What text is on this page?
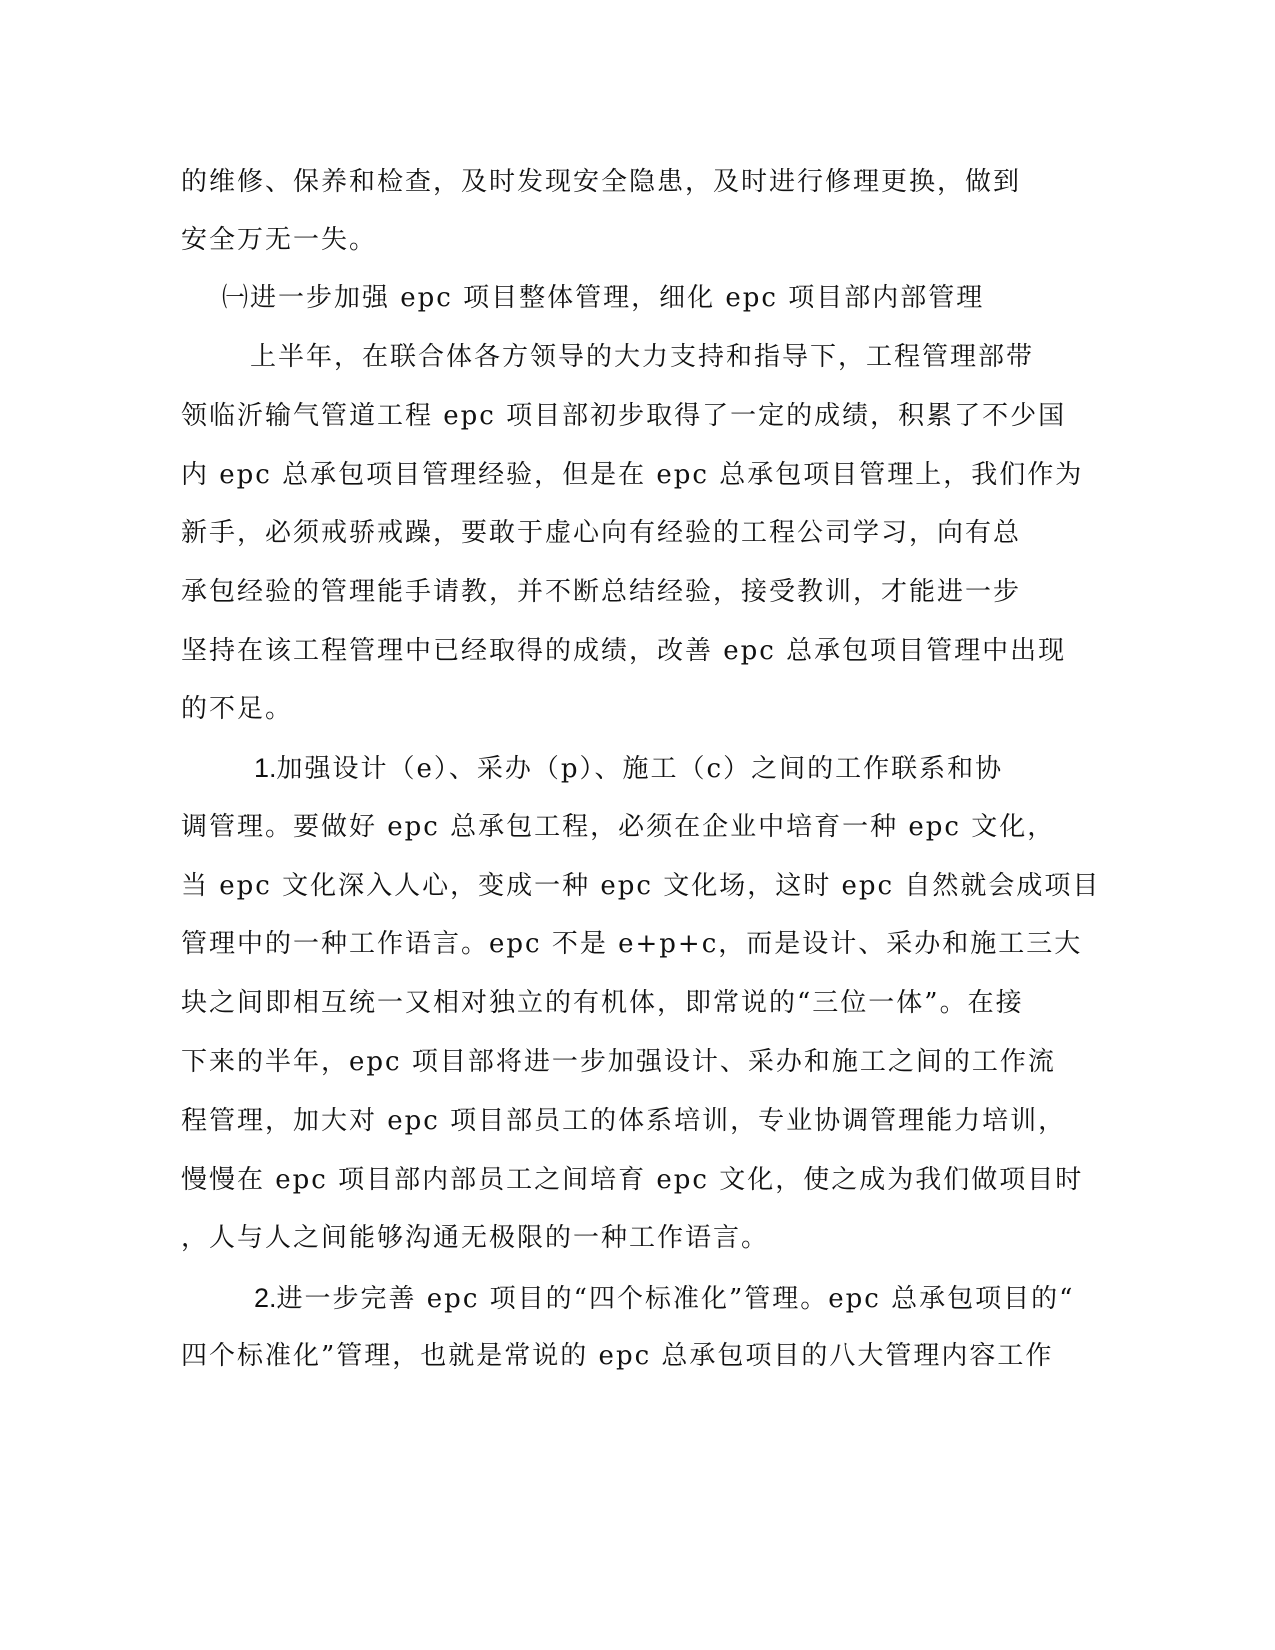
的维修、保养和检查，及时发现安全隐患，及时进行修理更换，做到
安全万无一失。
㈠进一步加强 epc 项目整体管理，细化 epc 项目部内部管理
上半年，在联合体各方领导的大力支持和指导下，工程管理部带
领临沂输气管道工程 epc 项目部初步取得了一定的成绩，积累了不少国
内 epc 总承包项目管理经验，但是在 epc 总承包项目管理上，我们作为
新手，必须戒骄戒躁，要敢于虚心向有经验的工程公司学习，向有总
承包经验的管理能手请教，并不断总结经验，接受教训，才能进一步
坚持在该工程管理中已经取得的成绩，改善 epc 总承包项目管理中出现
的不足。
1.加强设计（e）、采办（p）、施工（c）之间的工作联系和协
调管理。要做好 epc 总承包工程，必须在企业中培育一种 epc 文化，
当 epc 文化深入人心，变成一种 epc 文化场，这时 epc 自然就会成项目
管理中的一种工作语言。epc 不是 e+p+c，而是设计、采办和施工三大
块之间即相互统一又相对独立的有机体，即常说的“三位一体”。在接
下来的半年，epc 项目部将进一步加强设计、采办和施工之间的工作流
程管理，加大对 epc 项目部员工的体系培训，专业协调管理能力培训，
慢慢在 epc 项目部内部员工之间培育 epc 文化，使之成为我们做项目时
，人与人之间能够沟通无极限的一种工作语言。
2.进一步完善 epc 项目的“四个标准化”管理。epc 总承包项目的“
四个标准化”管理，也就是常说的 epc 总承包项目的八大管理内容工作
